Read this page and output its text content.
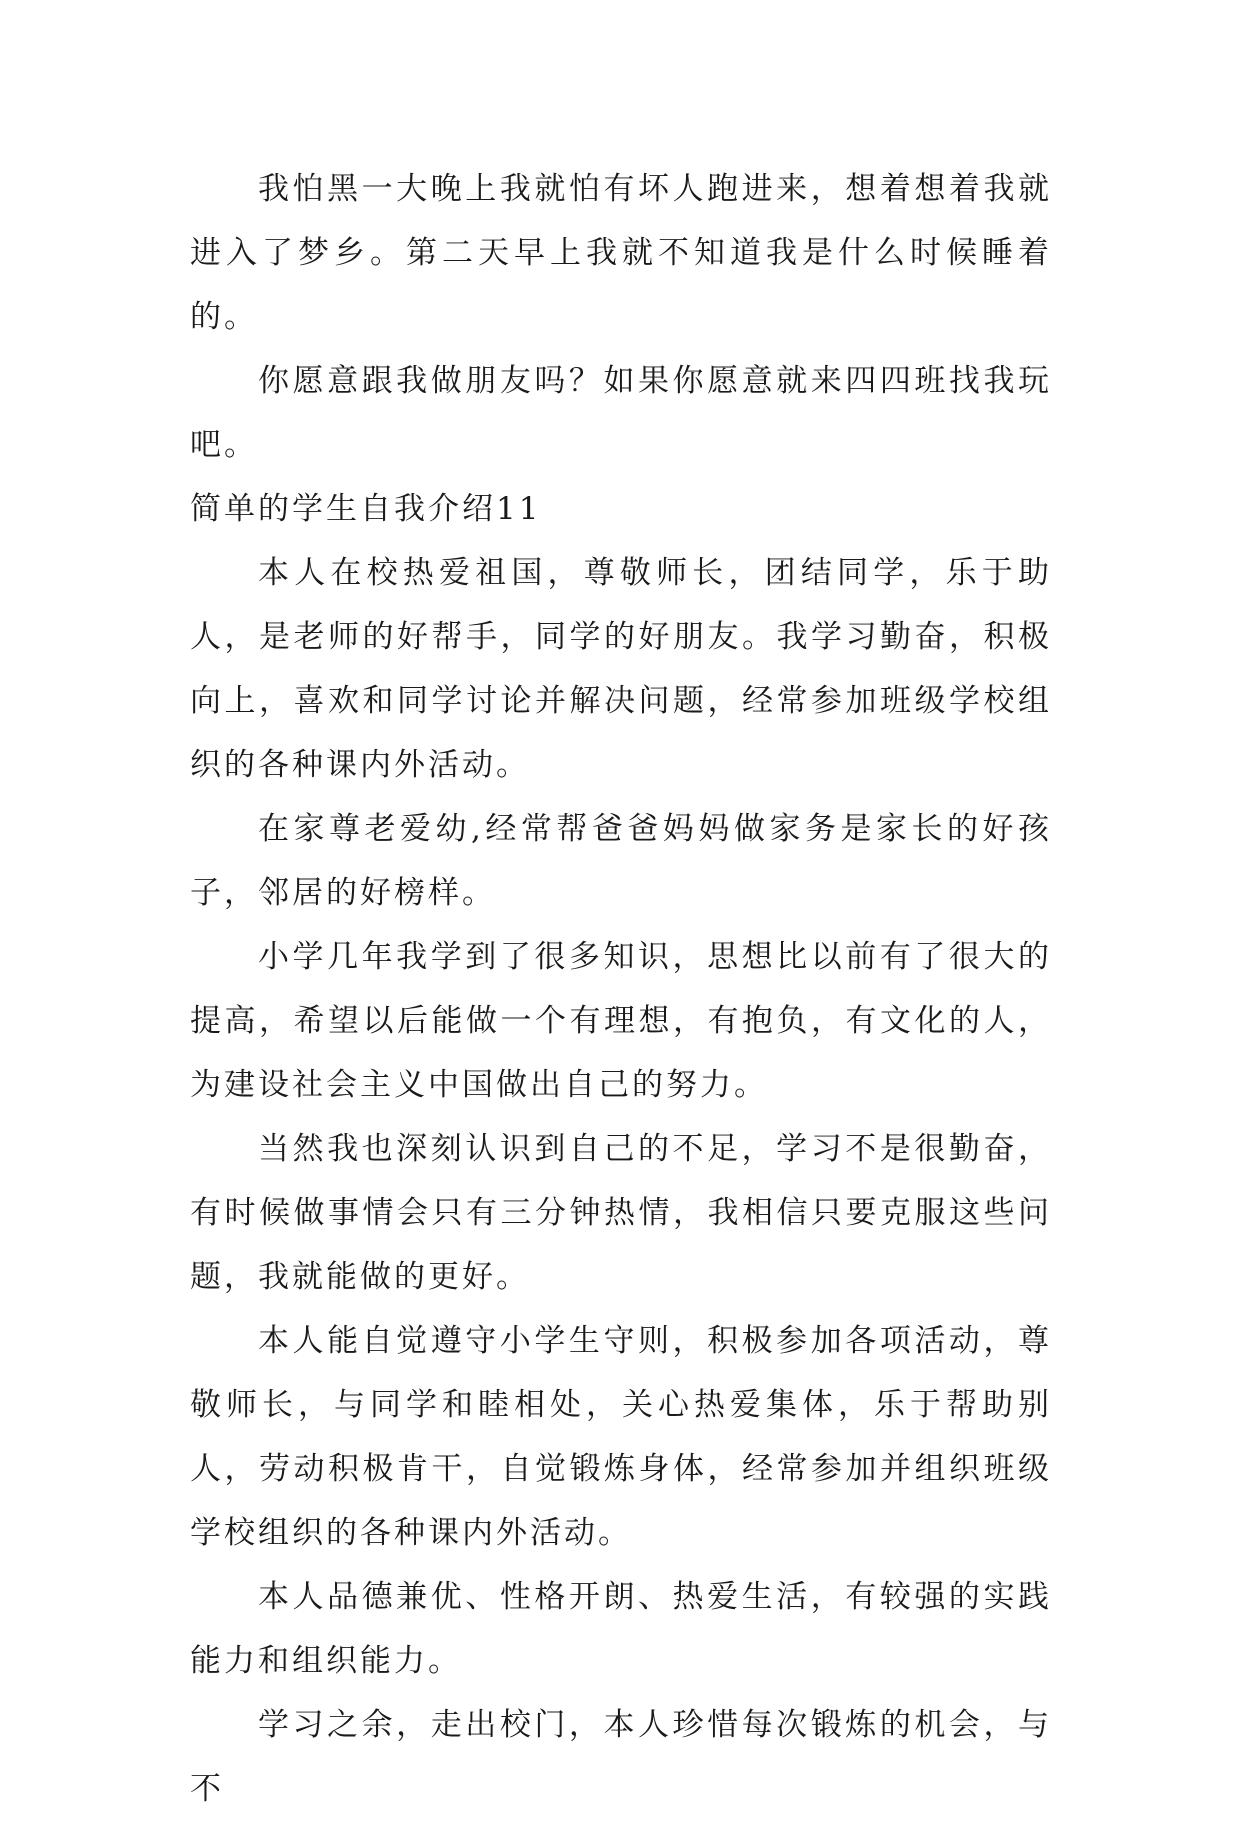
我怕黑一大晚上我就怕有坏人跑进来，想着想着我就进入了梦乡。第二天早上我就不知道我是什么时候睡着的。

你愿意跟我做朋友吗？如果你愿意就来四四班找我玩吧。

简单的学生自我介绍11

本人在校热爱祖国，尊敬师长，团结同学，乐于助人，是老师的好帮手，同学的好朋友。我学习勤奋，积极向上，喜欢和同学讨论并解决问题，经常参加班级学校组织的各种课内外活动。

在家尊老爱幼,经常帮爸爸妈妈做家务是家长的好孩子，邻居的好榜样。

小学几年我学到了很多知识，思想比以前有了很大的提高，希望以后能做一个有理想，有抱负，有文化的人，为建设社会主义中国做出自己的努力。

当然我也深刻认识到自己的不足，学习不是很勤奋，有时候做事情会只有三分钟热情，我相信只要克服这些问题，我就能做的更好。

本人能自觉遵守小学生守则，积极参加各项活动，尊敬师长，与同学和睦相处，关心热爱集体，乐于帮助别人，劳动积极肯干，自觉锻炼身体，经常参加并组织班级学校组织的各种课内外活动。

本人品德兼优、性格开朗、热爱生活，有较强的实践能力和组织能力。

学习之余，走出校门，本人珍惜每次锻炼的机会，与不
